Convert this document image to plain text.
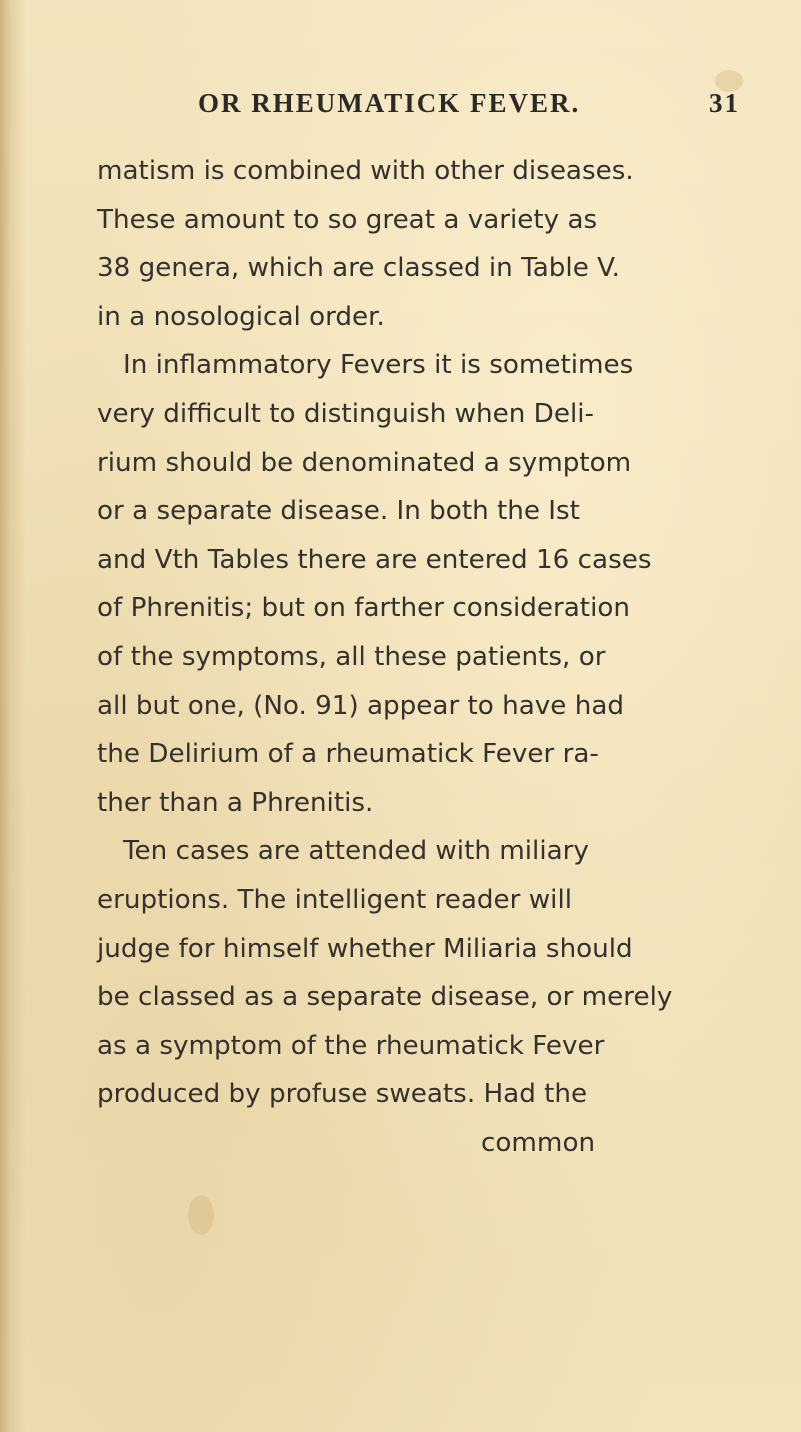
OR RHEUMATICK FEVER.	31
matism is combined with other diseases.
These amount to so great a variety as
38 genera, which are classed in Table V.
in a nosological order.
In inflammatory Fevers it is sometimes
very difficult to distinguish when Deli-
rium should be denominated a symptom
or a separate disease. In both the Ist
and Vth Tables there are entered 16 cases
of Phrenitis; but on farther consideration
of the symptoms, all these patients, or
all but one, (No. 91) appear to have had
the Delirium of a rheumatick Fever ra-
ther than a Phrenitis.
Ten cases are attended with miliary
eruptions. The intelligent reader will
judge for himself whether Miliaria should
be classed as a separate disease, or merely
as a symptom of the rheumatick Fever
produced by profuse sweats. Had the
common
